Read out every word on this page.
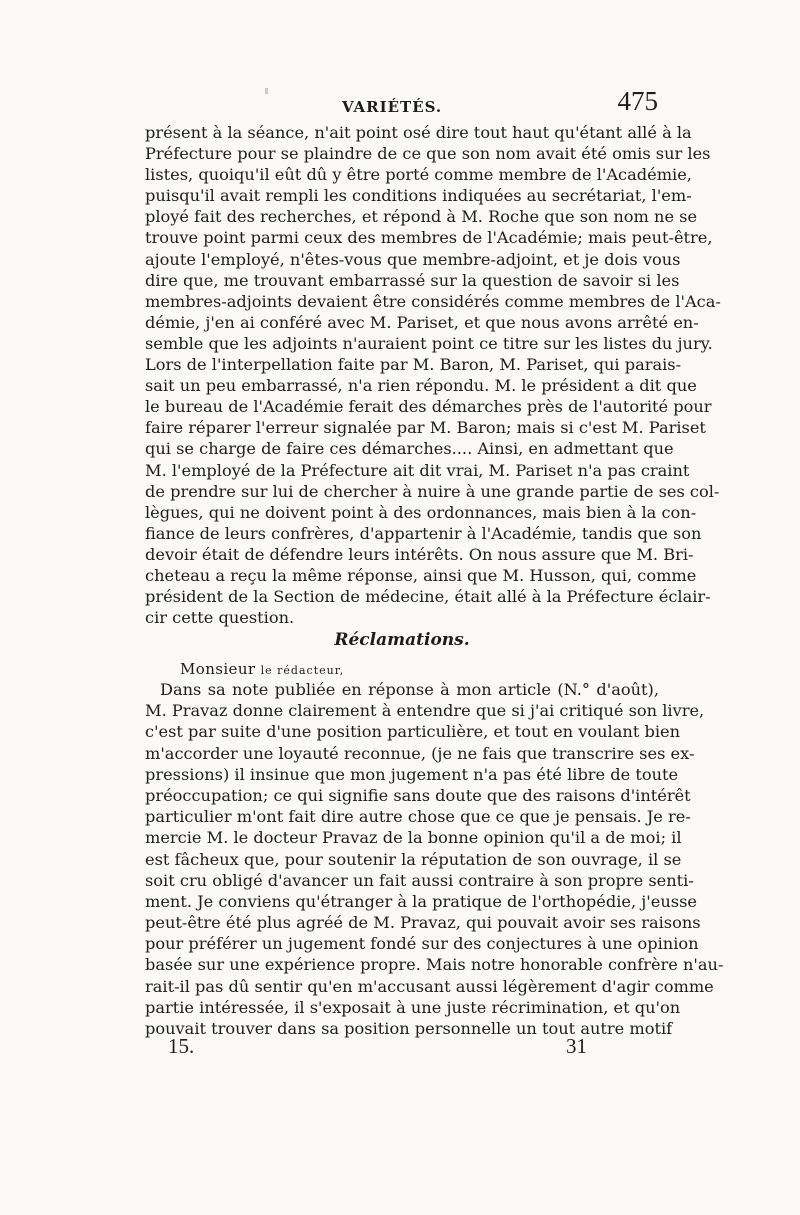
VARIÉTÉS.	475
présent à la séance, n'ait point osé dire tout haut qu'étant allé à la
Préfecture pour se plaindre de ce que son nom avait été omis sur les
listes, quoiqu'il eût dû y être porté comme membre de l'Académie,
puisqu'il avait rempli les conditions indiquées au secrétariat, l'em-
ployé fait des recherches, et répond à M. Roche que son nom ne se
trouve point parmi ceux des membres de l'Académie; mais peut-être,
ajoute l'employé, n'êtes-vous que membre-adjoint, et je dois vous
dire que, me trouvant embarrassé sur la question de savoir si les
membres-adjoints devaient être considérés comme membres de l'Aca-
démie, j'en ai conféré avec M. Pariset, et que nous avons arrêté en-
semble que les adjoints n'auraient point ce titre sur les listes du jury.
Lors de l'interpellation faite par M. Baron, M. Pariset, qui parais-
sait un peu embarrassé, n'a rien répondu. M. le président a dit que
le bureau de l'Académie ferait des démarches près de l'autorité pour
faire réparer l'erreur signalée par M. Baron; mais si c'est M. Pariset
qui se charge de faire ces démarches.... Ainsi, en admettant que
M. l'employé de la Préfecture ait dit vrai, M. Pariset n'a pas craint
de prendre sur lui de chercher à nuire à une grande partie de ses col-
lègues, qui ne doivent point à des ordonnances, mais bien à la con-
fiance de leurs confrères, d'appartenir à l'Académie, tandis que son
devoir était de défendre leurs intérêts. On nous assure que M. Bri-
cheteau a reçu la même réponse, ainsi que M. Husson, qui, comme
président de la Section de médecine, était allé à la Préfecture éclair-
cir cette question.
Réclamations.
Monsieur le rédacteur,
Dans sa note publiée en réponse à mon article (N.° d'août),
M. Pravaz donne clairement à entendre que si j'ai critiqué son livre,
c'est par suite d'une position particulière, et tout en voulant bien
m'accorder une loyauté reconnue, (je ne fais que transcrire ses ex-
pressions) il insinue que mon jugement n'a pas été libre de toute
préoccupation; ce qui signifie sans doute que des raisons d'intérêt
particulier m'ont fait dire autre chose que ce que je pensais. Je re-
mercie M. le docteur Pravaz de la bonne opinion qu'il a de moi; il
est fâcheux que, pour soutenir la réputation de son ouvrage, il se
soit cru obligé d'avancer un fait aussi contraire à son propre senti-
ment. Je conviens qu'étranger à la pratique de l'orthopédie, j'eusse
peut-être été plus agréé de M. Pravaz, qui pouvait avoir ses raisons
pour préférer un jugement fondé sur des conjectures à une opinion
basée sur une expérience propre. Mais notre honorable confrère n'au-
rait-il pas dû sentir qu'en m'accusant aussi légèrement d'agir comme
partie intéressée, il s'exposait à une juste récrimination, et qu'on
pouvait trouver dans sa position personnelle un tout autre motif
15.	31
